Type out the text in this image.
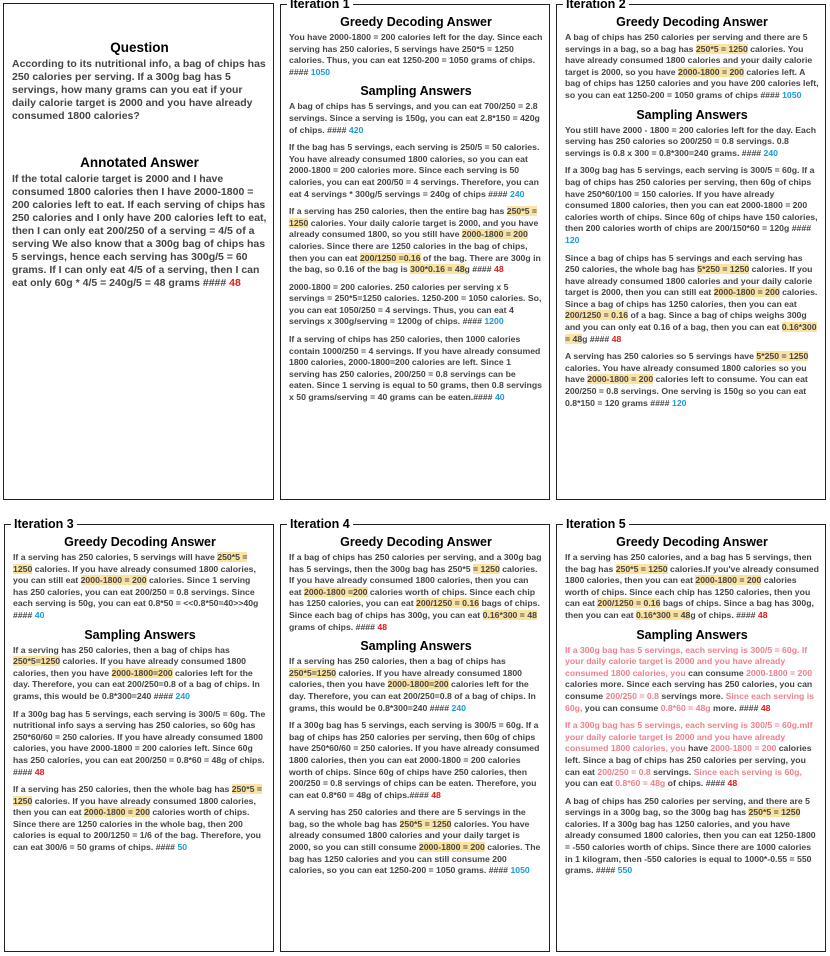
Question
According to its nutritional info, a bag of chips has 250 calories per serving. If a 300g bag has 5 servings, how many grams can you eat if your daily calorie target is 2000 and you have already consumed 1800 calories?
Annotated Answer
If the total calorie target is 2000 and I have consumed 1800 calories then I have 2000-1800 = 200 calories left to eat. If each serving of chips has 250 calories and I only have 200 calories left to eat, then I can only eat 200/250 of a serving = 4/5 of a serving We also know that a 300g bag of chips has 5 servings, hence each serving has 300g/5 = 60 grams. If I can only eat 4/5 of a serving, then I can eat only 60g * 4/5 = 240g/5 = 48 grams #### 48
Iteration 1
Greedy Decoding Answer
You have 2000-1800 = 200 calories left for the day. Since each serving has 250 calories, 5 servings have 250*5 = 1250 calories. Thus, you can eat 1250-200 = 1050 grams of chips. #### 1050
Sampling Answers
A bag of chips has 5 servings, and you can eat 700/250 = 2.8 servings. Since a serving is 150g, you can eat 2.8*150 = 420g of chips. #### 420
If the bag has 5 servings, each serving is 250/5 = 50 calories. You have already consumed 1800 calories, so you can eat 2000-1800 = 200 calories more. Since each serving is 50 calories, you can eat 200/50 = 4 servings. Therefore, you can eat 4 servings * 300g/5 servings = 240g of chips #### 240
If a serving has 250 calories, then the entire bag has 250*5 = 1250 calories. Your daily calorie target is 2000, and you have already consumed 1800, so you still have 2000-1800 = 200 calories. Since there are 1250 calories in the bag of chips, then you can eat 200/1250 =0.16 of the bag. There are 300g in the bag, so 0.16 of the bag is 300*0.16 = 48g #### 48
2000-1800 = 200 calories. 250 calories per serving x 5 servings = 250*5=1250 calories. 1250-200 = 1050 calories. So, you can eat 1050/250 = 4 servings. Thus, you can eat 4 servings x 300g/serving = 1200g of chips. #### 1200
If a serving of chips has 250 calories, then 1000 calories contain 1000/250 = 4 servings. If you have already consumed 1800 calories, 2000-1800=200 calories are left. Since 1 serving has 250 calories, 200/250 = 0.8 servings can be eaten. Since 1 serving is equal to 50 grams, then 0.8 servings x 50 grams/serving = 40 grams can be eaten.#### 40
Iteration 2
Greedy Decoding Answer
A bag of chips has 250 calories per serving and there are 5 servings in a bag, so a bag has 250*5 = 1250 calories. You have already consumed 1800 calories and your daily calorie target is 2000, so you have 2000-1800 = 200 calories left. A bag of chips has 1250 calories and you have 200 calories left, so you can eat 1250-200 = 1050 grams of chips #### 1050
Sampling Answers
You still have 2000 - 1800 = 200 calories left for the day. Each serving has 250 calories so 200/250 = 0.8 servings. 0.8 servings is 0.8 x 300 = 0.8*300=240 grams. #### 240
If a 300g bag has 5 servings, each serving is 300/5 = 60g. If a bag of chips has 250 calories per serving, then 60g of chips have 250*60/100 = 150 calories. If you have already consumed 1800 calories, then you can eat 2000-1800 = 200 calories worth of chips. Since 60g of chips have 150 calories, then 200 calories worth of chips are 200/150*60 = 120g #### 120
Since a bag of chips has 5 servings and each serving has 250 calories, the whole bag has 5*250 = 1250 calories. If you have already consumed 1800 calories and your daily calorie target is 2000, then you can still eat 2000-1800 = 200 calories. Since a bag of chips has 1250 calories, then you can eat 200/1250 = 0.16 of a bag. Since a bag of chips weighs 300g and you can only eat 0.16 of a bag, then you can eat 0.16*300 = 48g #### 48
A serving has 250 calories so 5 servings have 5*250 = 1250 calories. You have already consumed 1800 calories so you have 2000-1800 = 200 calories left to consume. You can eat 200/250 = 0.8 servings. One serving is 150g so you can eat 0.8*150 = 120 grams #### 120
Iteration 3
Greedy Decoding Answer
If a serving has 250 calories, 5 servings will have 250*5 = 1250 calories. If you have already consumed 1800 calories, you can still eat 2000-1800 = 200 calories. Since 1 serving has 250 calories, you can eat 200/250 = 0.8 servings. Since each serving is 50g, you can eat 0.8*50 = <<0.8*50=40>>40g #### 40
Sampling Answers
If a serving has 250 calories, then a bag of chips has 250*5=1250 calories. If you have already consumed 1800 calories, then you have 2000-1800=200 calories left for the day. Therefore, you can eat 200/250=0.8 of a bag of chips. In grams, this would be 0.8*300=240 #### 240
If a 300g bag has 5 servings, each serving is 300/5 = 60g. The nutritional info says a serving has 250 calories, so 60g has 250*60/60 = 250 calories. If you have already consumed 1800 calories, you have 2000-1800 = 200 calories left. Since 60g has 250 calories, you can eat 200/250 = 0.8*60 = 48g of chips. #### 48
If a serving has 250 calories, then the whole bag has 250*5 = 1250 calories. If you have already consumed 1800 calories, then you can eat 2000-1800 = 200 calories worth of chips. Since there are 1250 calories in the whole bag, then 200 calories is equal to 200/1250 = 1/6 of the bag. Therefore, you can eat 300/6 = 50 grams of chips. #### 50
Iteration 4
Greedy Decoding Answer
If a bag of chips has 250 calories per serving, and a 300g bag has 5 servings, then the 300g bag has 250*5 = 1250 calories. If you have already consumed 1800 calories, then you can eat 2000-1800 =200 calories worth of chips. Since each chip has 1250 calories, you can eat 200/1250 = 0.16 bags of chips. Since each bag of chips has 300g, you can eat 0.16*300 = 48 grams of chips. #### 48
Sampling Answers
If a serving has 250 calories, then a bag of chips has 250*5=1250 calories. If you have already consumed 1800 calories, then you have 2000-1800=200 calories left for the day. Therefore, you can eat 200/250=0.8 of a bag of chips. In grams, this would be 0.8*300=240 #### 240
If a 300g bag has 5 servings, each serving is 300/5 = 60g. If a bag of chips has 250 calories per serving, then 60g of chips have 250*60/60 = 250 calories. If you have already consumed 1800 calories, then you can eat 2000-1800 = 200 calories worth of chips. Since 60g of chips have 250 calories, then 200/250 = 0.8 servings of chips can be eaten. Therefore, you can eat 0.8*60 = 48g of chips.#### 48
A serving has 250 calories and there are 5 servings in the bag, so the whole bag has 250*5 = 1250 calories. You have already consumed 1800 calories and your daily target is 2000, so you can still consume 2000-1800 = 200 calories. The bag has 1250 calories and you can still consume 200 calories, so you can eat 1250-200 = 1050 grams. #### 1050
Iteration 5
Greedy Decoding Answer
If a serving has 250 calories, and a bag has 5 servings, then the bag has 250*5 = 1250 calories.If you've already consumed 1800 calories, then you can eat 2000-1800 = 200 calories worth of chips. Since each chip has 1250 calories, then you can eat 200/1250 = 0.16 bags of chips. Since a bag has 300g, then you can eat 0.16*300 = 48g of chips. #### 48
Sampling Answers
If a 300g bag has 5 servings, each serving is 300/5 = 60g. If your daily calorie target is 2000 and you have already consumed 1800 calories, you can consume 2000-1800 = 200 calories more. Since each serving has 250 calories, you can consume 200/250 = 0.8 servings more. Since each serving is 60g, you can consume 0.8*60 = 48g more. #### 48
If a 300g bag has 5 servings, each serving is 300/5 = 60g.mIf your daily calorie target is 2000 and you have already consumed 1800 calories, you have 2000-1800 = 200 calories left. Since a bag of chips has 250 calories per serving, you can eat 200/250 = 0.8 servings. Since each serving is 60g, you can eat 0.8*60 = 48g of chips. #### 48
A bag of chips has 250 calories per serving, and there are 5 servings in a 300g bag, so the 300g bag has 250*5 = 1250 calories. If a 300g bag has 1250 calories, and you have already consumed 1800 calories, then you can eat 1250-1800 = -550 calories worth of chips. Since there are 1000 calories in 1 kilogram, then -550 calories is equal to 1000*-0.55 = 550 grams. #### 550
